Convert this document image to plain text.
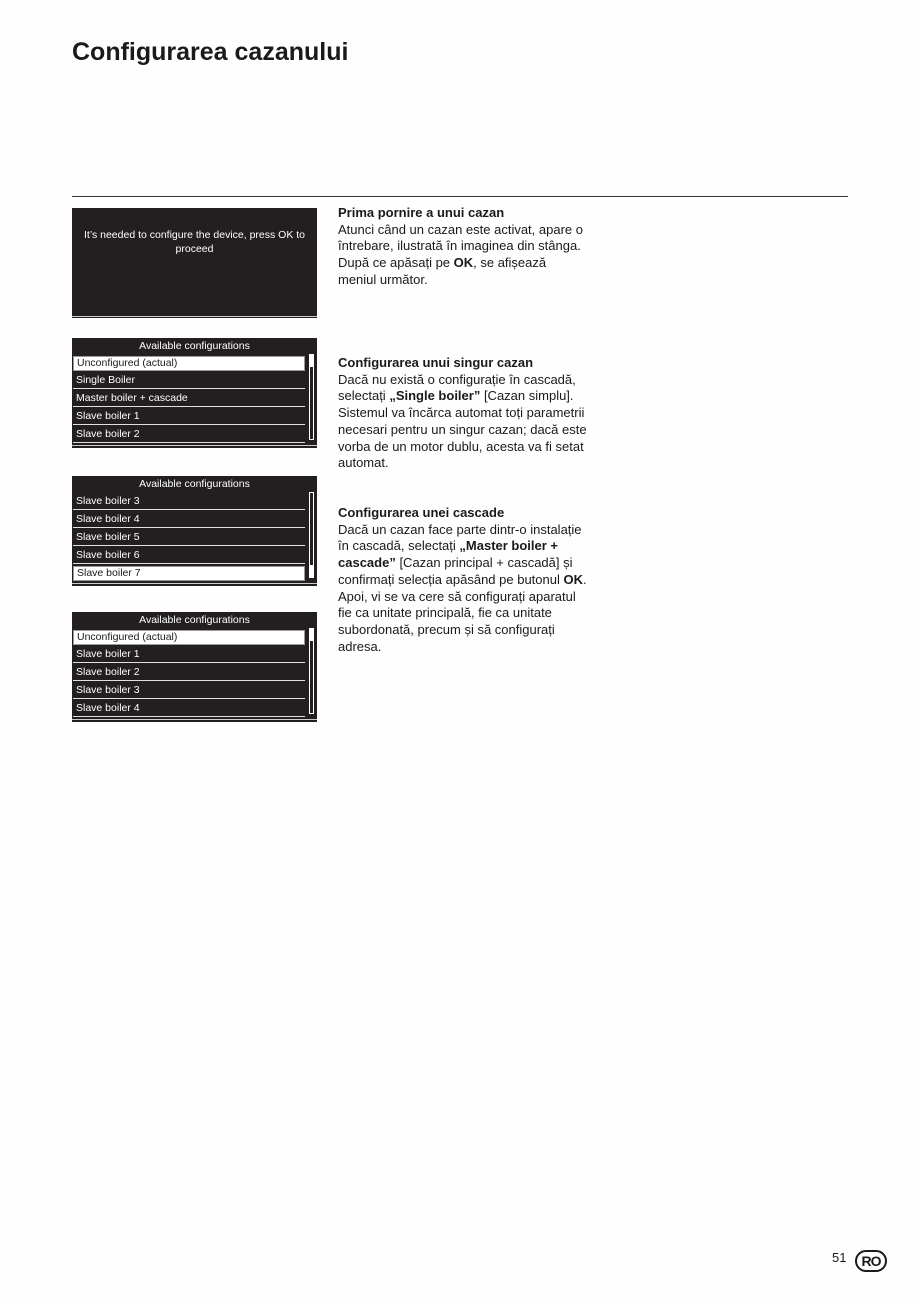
Configurarea cazanului
It’s needed to configure the device, press OK to proceed
Available configurations
Unconfigured (actual)
Single Boiler
Master boiler + cascade
Slave boiler 1
Slave boiler 2
Available configurations
Slave boiler 3
Slave boiler 4
Slave boiler 5
Slave boiler 6
Slave boiler 7
Available configurations
Unconfigured (actual)
Slave boiler 1
Slave boiler 2
Slave boiler 3
Slave boiler 4
Prima pornire a unui cazan

Atunci când un cazan este activat, apare o întrebare, ilustrată în imaginea din stânga.

După ce apăsați pe OK, se afișează meniul următor.

Configurarea unui singur cazan

Dacă nu există o configurație în cascadă, selectați „Single boiler” [Cazan simplu]. Sistemul va încărca automat toți parametrii necesari pentru un singur cazan; dacă este vorba de un motor dublu, acesta va fi setat automat.

Configurarea unei cascade

Dacă un cazan face parte dintr-o instalație în cascadă, selectați „Master boiler + cascade” [Cazan principal + cascadă] și confirmați selecția apăsând pe butonul OK. Apoi, vi se va cere să configurați aparatul fie ca unitate principală, fie ca unitate subordonată, precum și să configurați adresa.

51	RO
